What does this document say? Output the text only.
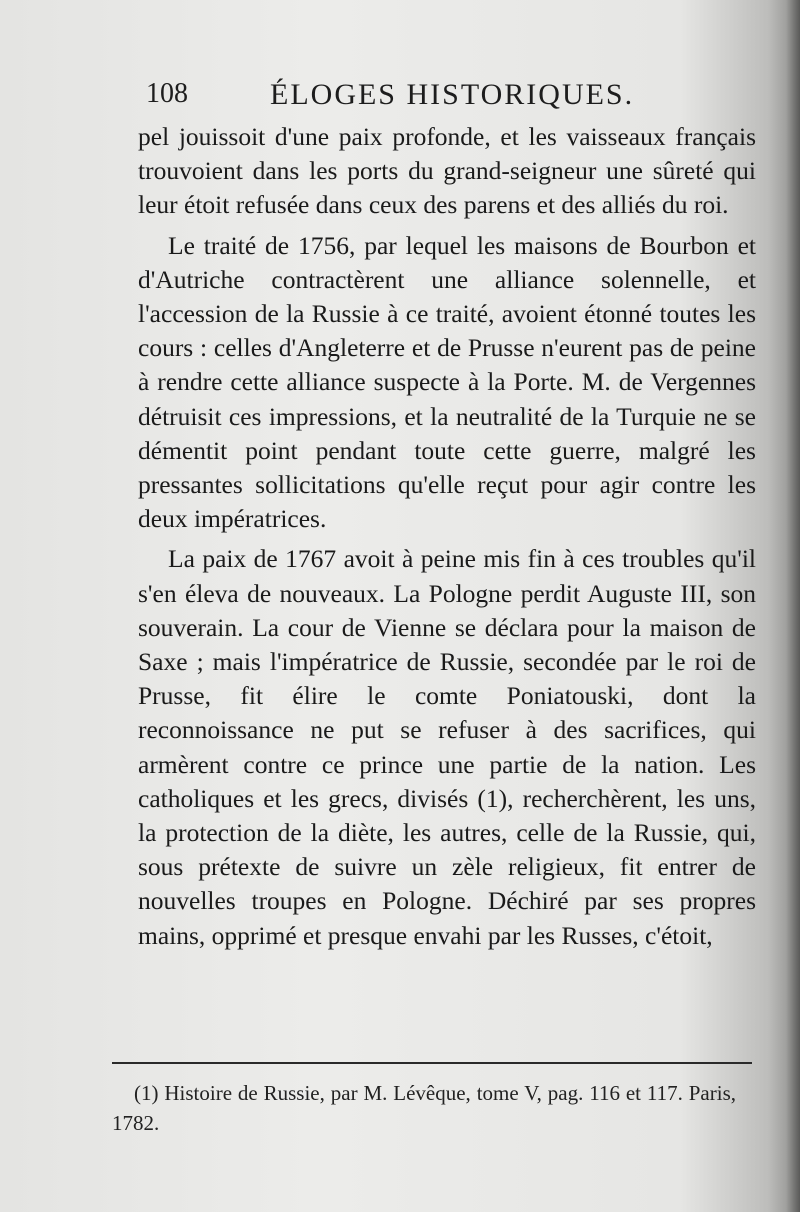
108	ÉLOGES HISTORIQUES.

pel jouissoit d'une paix profonde, et les vaisseaux français trouvoient dans les ports du grand-seigneur une sûreté qui leur étoit refusée dans ceux des parens et des alliés du roi.

Le traité de 1756, par lequel les maisons de Bourbon et d'Autriche contractèrent une alliance solennelle, et l'accession de la Russie à ce traité, avoient étonné toutes les cours : celles d'Angleterre et de Prusse n'eurent pas de peine à rendre cette alliance suspecte à la Porte. M. de Vergennes détruisit ces impressions, et la neutralité de la Turquie ne se démentit point pendant toute cette guerre, malgré les pressantes sollicitations qu'elle reçut pour agir contre les deux impératrices.

La paix de 1767 avoit à peine mis fin à ces troubles qu'il s'en éleva de nouveaux. La Pologne perdit Auguste III, son souverain. La cour de Vienne se déclara pour la maison de Saxe ; mais l'impératrice de Russie, secondée par le roi de Prusse, fit élire le comte Poniatouski, dont la reconnoissance ne put se refuser à des sacrifices, qui armèrent contre ce prince une partie de la nation. Les catholiques et les grecs, divisés (1), recherchèrent, les uns, la protection de la diète, les autres, celle de la Russie, qui, sous prétexte de suivre un zèle religieux, fit entrer de nouvelles troupes en Pologne. Déchiré par ses propres mains, opprimé et presque envahi par les Russes, c'étoit,

(1) Histoire de Russie, par M. Lévêque, tome V, pag. 116 et 117. Paris, 1782.
